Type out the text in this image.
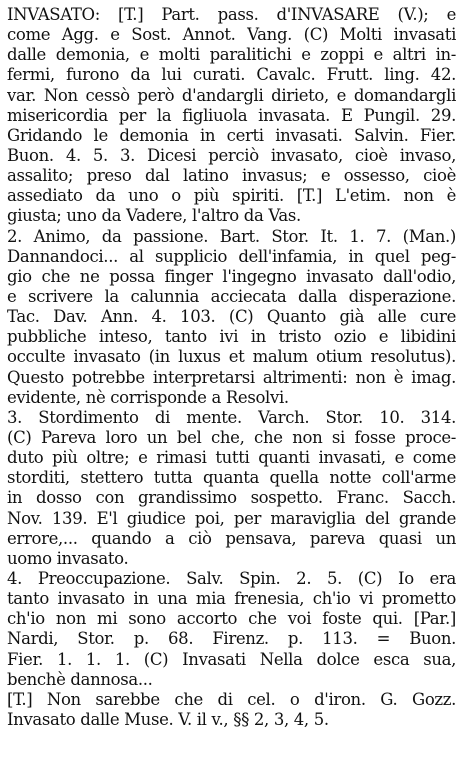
INVASATO: [T.] Part. pass. d'INVASARE (V.); e
come Agg. e Sost. Annot. Vang. (C) Molti invasati
dalle demonia, e molti paralitichi e zoppi e altri in-
fermi, furono da lui curati. Cavalc. Frutt. ling. 42.
var. Non cessò però d'andargli dirieto, e domandargli
misericordia per la figliuola invasata. E Pungil. 29.
Gridando le demonia in certi invasati. Salvin. Fier.
Buon. 4. 5. 3. Dicesi perciò invasato, cioè invaso,
assalito; preso dal latino invasus; e ossesso, cioè
assediato da uno o più spiriti. [T.] L'etim. non è
giusta; uno da Vadere, l'altro da Vas.
2. Animo, da passione. Bart. Stor. It. 1. 7. (Man.)
Dannandoci... al supplicio dell'infamia, in quel peg-
gio che ne possa finger l'ingegno invasato dall'odio,
e scrivere la calunnia acciecata dalla disperazione.
Tac. Dav. Ann. 4. 103. (C) Quanto già alle cure
pubbliche inteso, tanto ivi in tristo ozio e libidini
occulte invasato (in luxus et malum otium resolutus).
Questo potrebbe interpretarsi altrimenti: non è imag.
evidente, nè corrisponde a Resolvi.
3. Stordimento di mente. Varch. Stor. 10. 314.
(C) Pareva loro un bel che, che non si fosse proce-
duto più oltre; e rimasi tutti quanti invasati, e come
storditi, stettero tutta quanta quella notte coll'arme
in dosso con grandissimo sospetto. Franc. Sacch.
Nov. 139. E'l giudice poi, per maraviglia del grande
errore,... quando a ciò pensava, pareva quasi un
uomo invasato.
4. Preoccupazione. Salv. Spin. 2. 5. (C) Io era
tanto invasato in una mia frenesia, ch'io vi prometto
ch'io non mi sono accorto che voi foste qui. [Par.]
Nardi, Stor. p. 68. Firenz. p. 113. = Buon.
Fier. 1. 1. 1. (C) Invasati Nella dolce esca sua,
benchè dannosa...
[T.] Non sarebbe che di cel. o d'iron. G. Gozz.
Invasato dalle Muse. V. il v., §§ 2, 3, 4, 5.
